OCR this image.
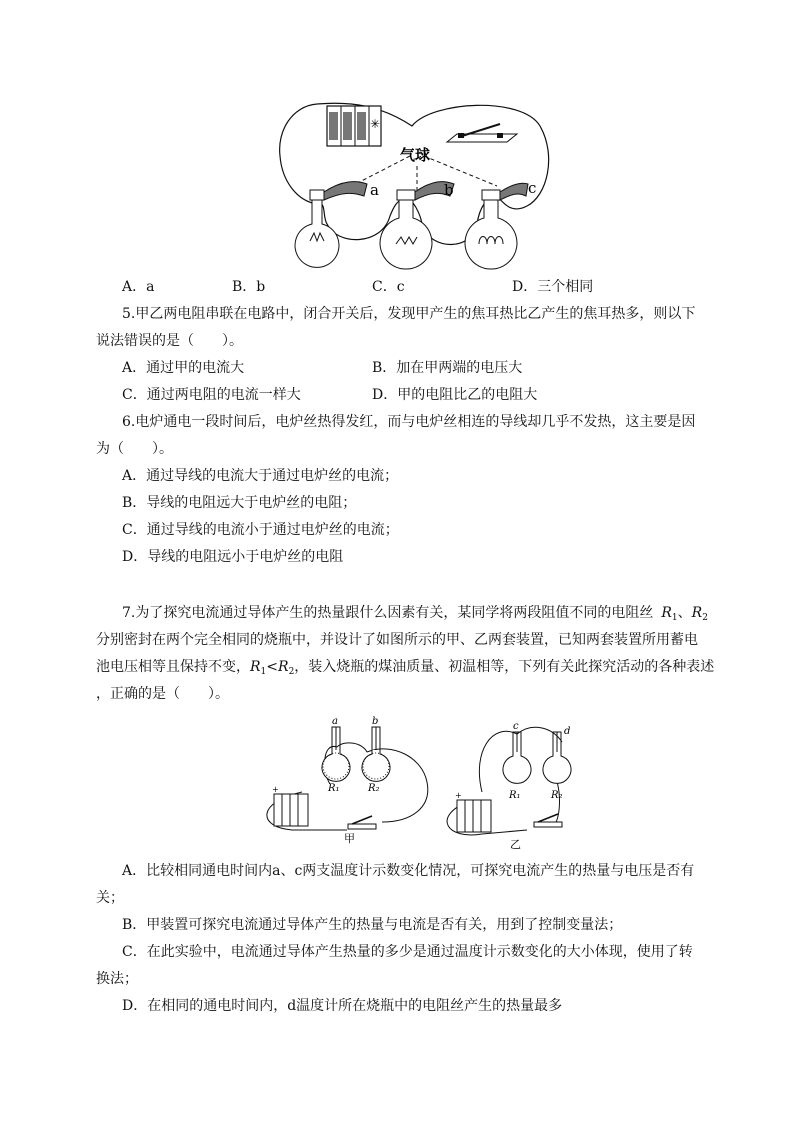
✳
气球
a	b	c
A．a	B．b	C．c	D．三个相同
5.甲乙两电阻串联在电路中，闭合开关后，发现甲产生的焦耳热比乙产生的焦耳热多，则以下
说法错误的是（　　）。
A．通过甲的电流大	B．加在甲两端的电压大
C．通过两电阻的电流一样大	D．甲的电阻比乙的电阻大
6.电炉通电一段时间后，电炉丝热得发红，而与电炉丝相连的导线却几乎不发热，这主要是因
为（　　）。
A．通过导线的电流大于通过电炉丝的电流；
B．导线的电阻远大于电炉丝的电阻；
C．通过导线的电流小于通过电炉丝的电流；
D．导线的电阻远小于电炉丝的电阻
7.为了探究电流通过导体产生的热量跟什么因素有关，某同学将两段阻值不同的电阻丝 $R_1$、$R_2$
分别密封在两个完全相同的烧瓶中，并设计了如图所示的甲、乙两套装置，已知两套装置所用蓄电
池电压相等且保持不变，$R_1<R_2$，装入烧瓶的煤油质量、初温相等，下列有关此探究活动的各种表述
，正确的是（　　）。
a	b
R₁	R₂
+
甲
c	d
R₁	R₂
+
乙
A．比较相同通电时间内a、c两支温度计示数变化情况，可探究电流产生的热量与电压是否有
关；
B．甲装置可探究电流通过导体产生的热量与电流是否有关，用到了控制变量法；
C．在此实验中，电流通过导体产生热量的多少是通过温度计示数变化的大小体现，使用了转
换法；
D．在相同的通电时间内，d温度计所在烧瓶中的电阻丝产生的热量最多
